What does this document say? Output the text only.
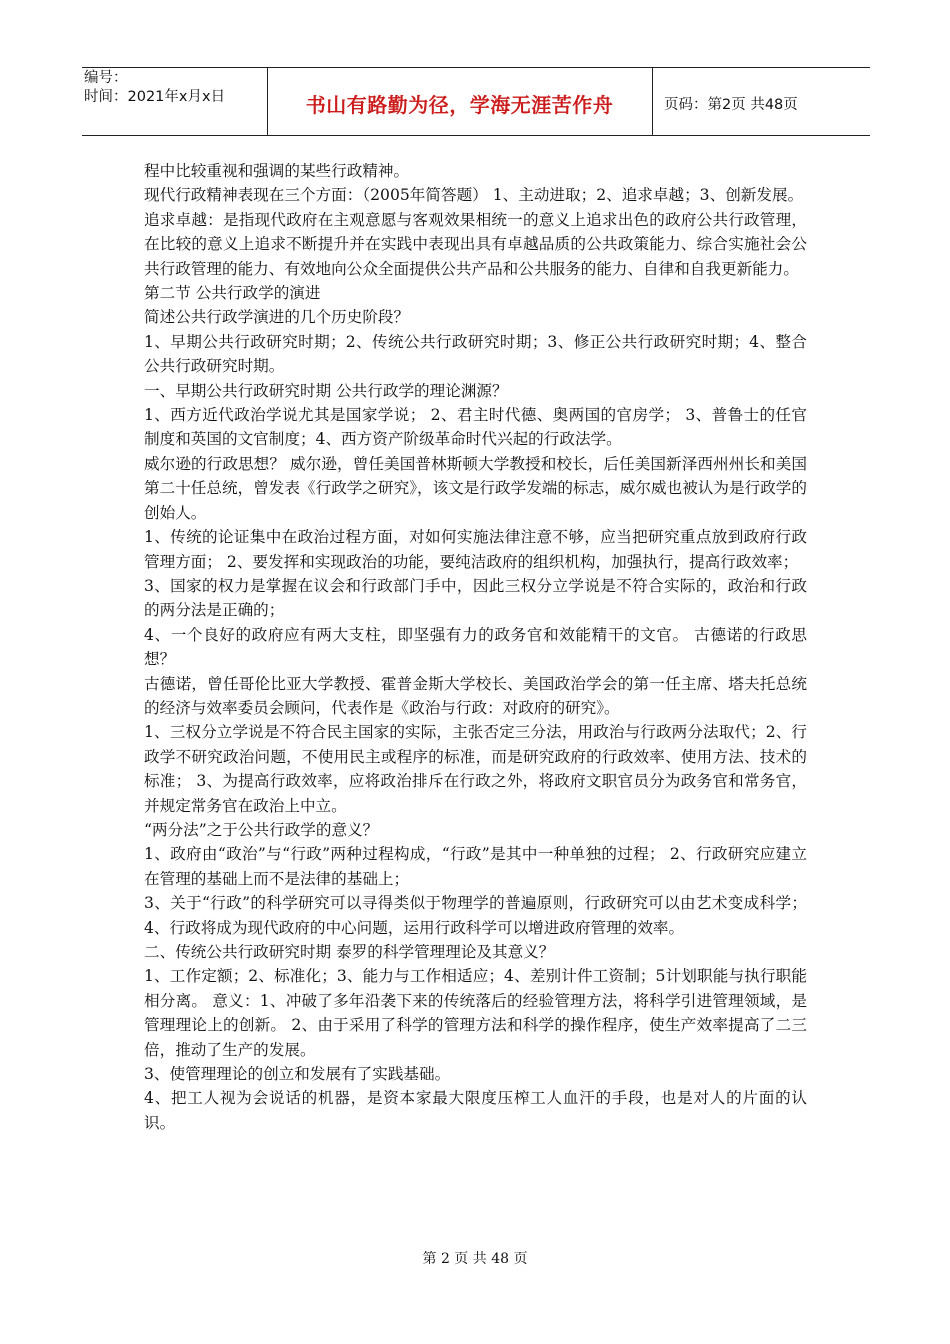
编号：
时间：2021年x月x日	书山有路勤为径，学海无涯苦作舟	页码：第2页 共48页

程中比较重视和强调的某些行政精神。

现代行政精神表现在三个方面：（2005年简答题） 1、主动进取；2、追求卓越；3、创新发展。

追求卓越：是指现代政府在主观意愿与客观效果相统一的意义上追求出色的政府公共行政管理，在比较的意义上追求不断提升并在实践中表现出具有卓越品质的公共政策能力、综合实施社会公共行政管理的能力、有效地向公众全面提供公共产品和公共服务的能力、自律和自我更新能力。

第二节 公共行政学的演进

简述公共行政学演进的几个历史阶段？

1、早期公共行政研究时期；2、传统公共行政研究时期；3、修正公共行政研究时期；4、整合公共行政研究时期。

一、早期公共行政研究时期 公共行政学的理论渊源？

1、西方近代政治学说尤其是国家学说； 2、君主时代德、奥两国的官房学； 3、普鲁士的任官制度和英国的文官制度；4、西方资产阶级革命时代兴起的行政法学。

威尔逊的行政思想？ 威尔逊，曾任美国普林斯顿大学教授和校长，后任美国新泽西州州长和美国第二十任总统，曾发表《行政学之研究》，该文是行政学发端的标志，威尔威也被认为是行政学的创始人。

1、传统的论证集中在政治过程方面，对如何实施法律注意不够，应当把研究重点放到政府行政管理方面； 2、要发挥和实现政治的功能，要纯洁政府的组织机构，加强执行，提高行政效率；

3、国家的权力是掌握在议会和行政部门手中，因此三权分立学说是不符合实际的，政治和行政的两分法是正确的；

4、一个良好的政府应有两大支柱，即坚强有力的政务官和效能精干的文官。 古德诺的行政思想？

古德诺，曾任哥伦比亚大学教授、霍普金斯大学校长、美国政治学会的第一任主席、塔夫托总统的经济与效率委员会顾问，代表作是《政治与行政：对政府的研究》。

1、三权分立学说是不符合民主国家的实际，主张否定三分法，用政治与行政两分法取代；2、行政学不研究政治问题，不使用民主或程序的标准，而是研究政府的行政效率、使用方法、技术的标准； 3、为提高行政效率，应将政治排斥在行政之外，将政府文职官员分为政务官和常务官，并规定常务官在政治上中立。

“两分法”之于公共行政学的意义？

1、政府由“政治”与“行政”两种过程构成，“行政”是其中一种单独的过程； 2、行政研究应建立在管理的基础上而不是法律的基础上；

3、关于“行政”的科学研究可以寻得类似于物理学的普遍原则，行政研究可以由艺术变成科学； 4、行政将成为现代政府的中心问题，运用行政科学可以增进政府管理的效率。

二、传统公共行政研究时期 泰罗的科学管理理论及其意义？

1、工作定额；2、标准化；3、能力与工作相适应；4、差别计件工资制；5计划职能与执行职能相分离。 意义：1、冲破了多年沿袭下来的传统落后的经验管理方法，将科学引进管理领域，是管理理论上的创新。 2、由于采用了科学的管理方法和科学的操作程序，使生产效率提高了二三倍，推动了生产的发展。

3、使管理理论的创立和发展有了实践基础。

4、把工人视为会说话的机器，是资本家最大限度压榨工人血汗的手段，也是对人的片面的认识。

第 2 页 共 48 页
